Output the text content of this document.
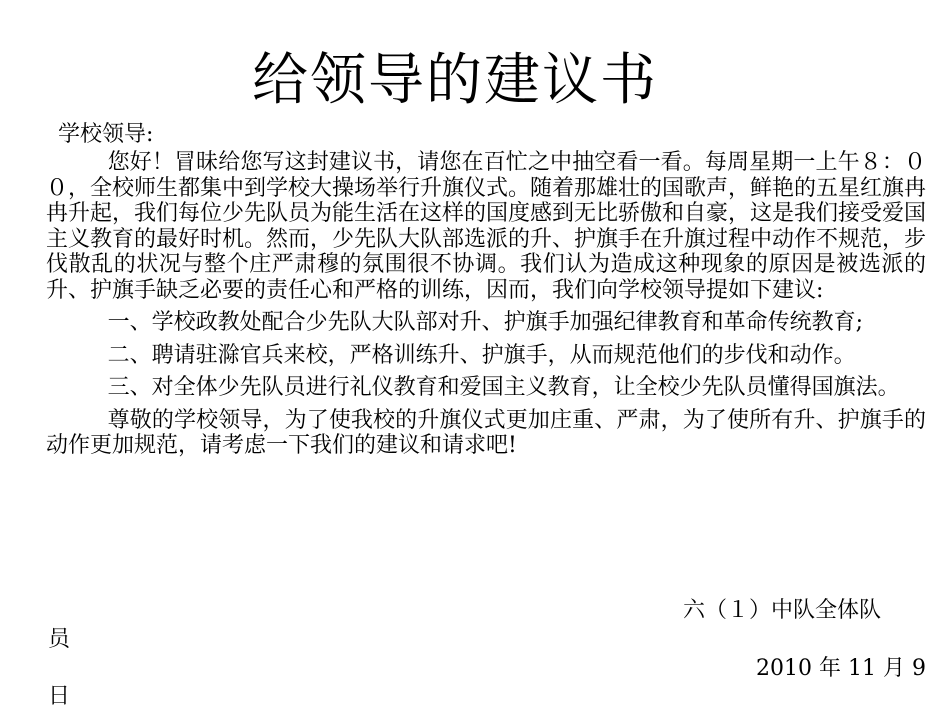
给领导的建议书
学校领导:

您好！冒昧给您写这封建议书，请您在百忙之中抽空看一看。每周星期一上午８：００，全校师生都集中到学校大操场举行升旗仪式。随着那雄壮的国歌声，鲜艳的五星红旗冉冉升起，我们每位少先队员为能生活在这样的国度感到无比骄傲和自豪，这是我们接受爱国主义教育的最好时机。然而，少先队大队部选派的升、护旗手在升旗过程中动作不规范，步伐散乱的状况与整个庄严肃穆的氛围很不协调。我们认为造成这种现象的原因是被选派的升、护旗手缺乏必要的责任心和严格的训练，因而，我们向学校领导提如下建议:

一、学校政教处配合少先队大队部对升、护旗手加强纪律教育和革命传统教育;

二、聘请驻滁官兵来校，严格训练升、护旗手，从而规范他们的步伐和动作。

三、对全体少先队员进行礼仪教育和爱国主义教育，让全校少先队员懂得国旗法。

尊敬的学校领导，为了使我校的升旗仪式更加庄重、严肃，为了使所有升、护旗手的动作更加规范，请考虑一下我们的建议和请求吧!

六（１）中队全体队
员
2010 年 11 月 9
日
